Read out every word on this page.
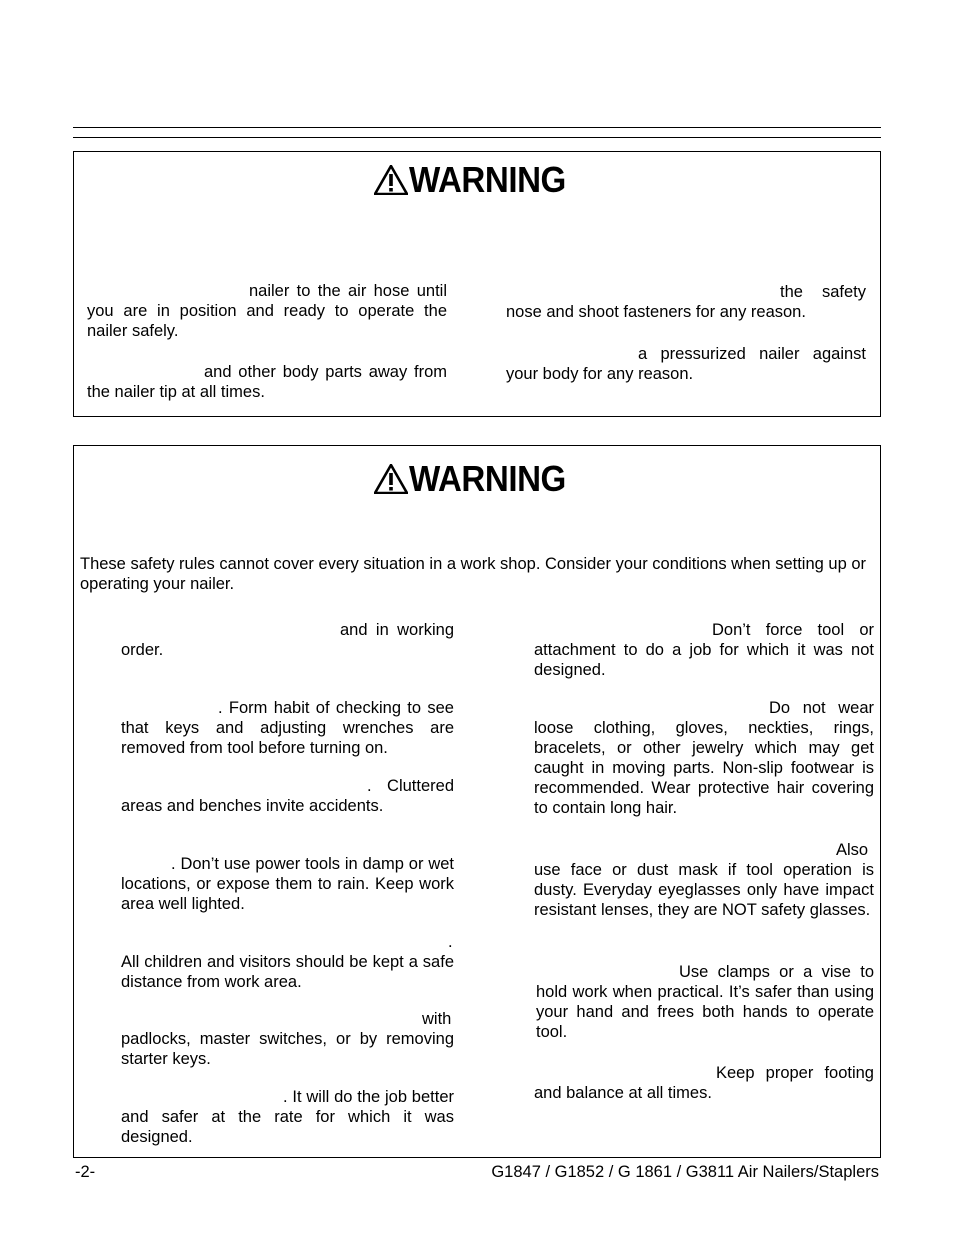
WARNING
nailer to the air hose until you are in position and ready to operate the nailer safely.
and other body parts away from the nailer tip at all times.
the safety nose and shoot fasteners for any reason.
a pressurized nailer against your body for any reason.
WARNING
These safety rules cannot cover every situation in a work shop. Consider your conditions when setting up or operating your nailer.
and in working order.
. Form habit of checking to see that keys and adjusting wrenches are removed from tool before turning on.
. Cluttered areas and benches invite accidents.
. Don’t use power tools in damp or wet locations, or expose them to rain. Keep work area well lighted.
. All children and visitors should be kept a safe distance from work area.
with padlocks, master switches, or by removing starter keys.
. It will do the job better and safer at the rate for which it was designed.
Don’t force tool or attachment to do a job for which it was not designed.
Do not wear loose clothing, gloves, neckties, rings, bracelets, or other jewelry which may get caught in moving parts. Non-slip footwear is recommended. Wear protective hair covering to contain long hair.
Also use face or dust mask if tool operation is dusty. Everyday eyeglasses only have impact resistant lenses, they are NOT safety glasses.
Use clamps or a vise to hold work when practical. It’s safer than using your hand and frees both hands to operate tool.
Keep proper footing and balance at all times.
-2-	G1847 / G1852 / G 1861 / G3811 Air Nailers/Staplers
